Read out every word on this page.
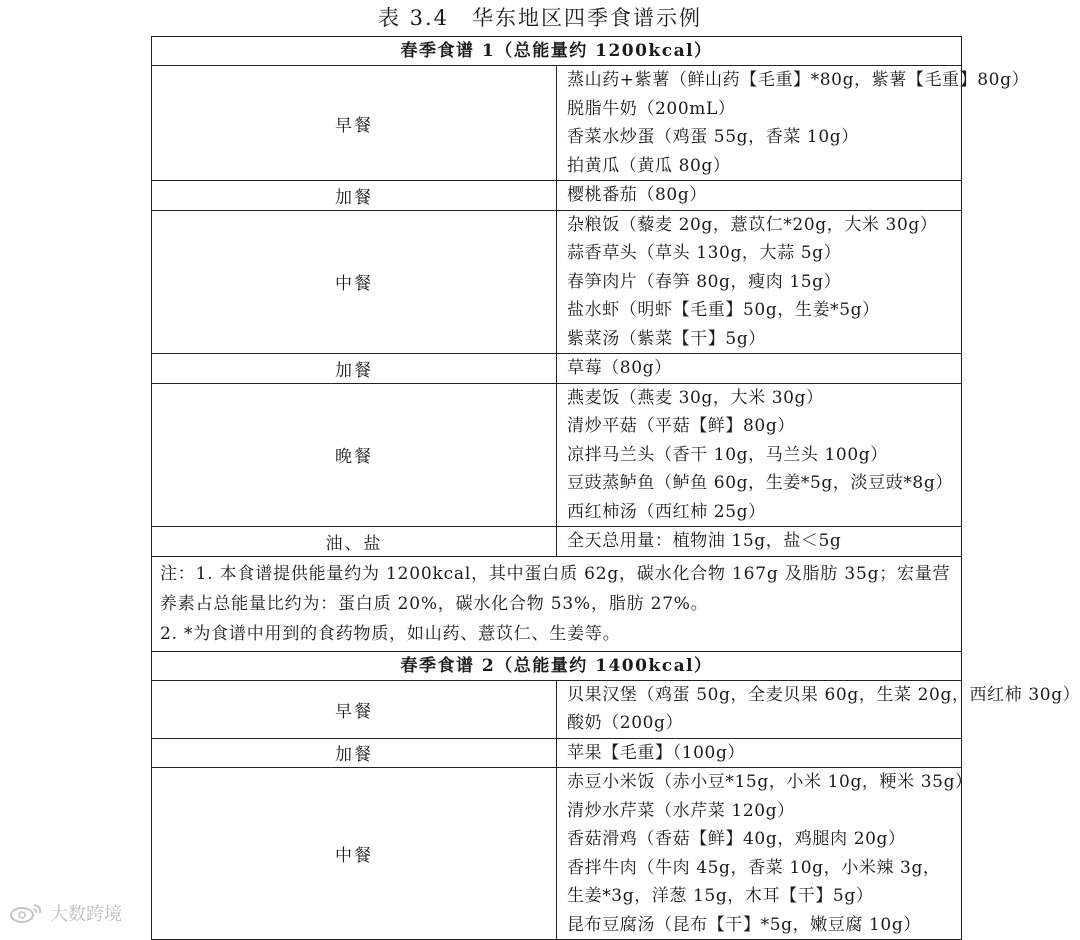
表 3.4　华东地区四季食谱示例
春季食谱 1（总能量约 1200kcal）	
早餐	蒸山药+紫薯（鲜山药【毛重】*80g，紫薯【毛重】80g）
脱脂牛奶（200mL）
香菜水炒蛋（鸡蛋 55g，香菜 10g）
拍黄瓜（黄瓜 80g）

加餐	樱桃番茄（80g）

中餐	杂粮饭（藜麦 20g，薏苡仁*20g，大米 30g）
蒜香草头（草头 130g，大蒜 5g）
春笋肉片（春笋 80g，瘦肉 15g）
盐水虾（明虾【毛重】50g，生姜*5g）
紫菜汤（紫菜【干】5g）

加餐	草莓（80g）

晚餐	燕麦饭（燕麦 30g，大米 30g）
清炒平菇（平菇【鲜】80g）
凉拌马兰头（香干 10g，马兰头 100g）
豆豉蒸鲈鱼（鲈鱼 60g，生姜*5g，淡豆豉*8g）
西红柿汤（西红柿 25g）

油、盐	全天总用量：植物油 15g，盐＜5g

注：1. 本食谱提供能量约为 1200kcal，其中蛋白质 62g，碳水化合物 167g 及脂肪 35g；宏量营养素占总能量比约为：蛋白质 20%，碳水化合物 53%，脂肪 27%。
2. *为食谱中用到的食药物质，如山药、薏苡仁、生姜等。	

春季食谱 2（总能量约 1400kcal）	
早餐	贝果汉堡（鸡蛋 50g，全麦贝果 60g，生菜 20g，西红柿 30g）
酸奶（200g）

加餐	苹果【毛重】（100g）

中餐	赤豆小米饭（赤小豆*15g，小米 10g，粳米 35g）
清炒水芹菜（水芹菜 120g）
香菇滑鸡（香菇【鲜】40g，鸡腿肉 20g）
香拌牛肉（牛肉 45g，香菜 10g，小米辣 3g，生姜*3g，洋葱 15g，木耳【干】5g）
昆布豆腐汤（昆布【干】*5g，嫩豆腐 10g）
大数跨境
